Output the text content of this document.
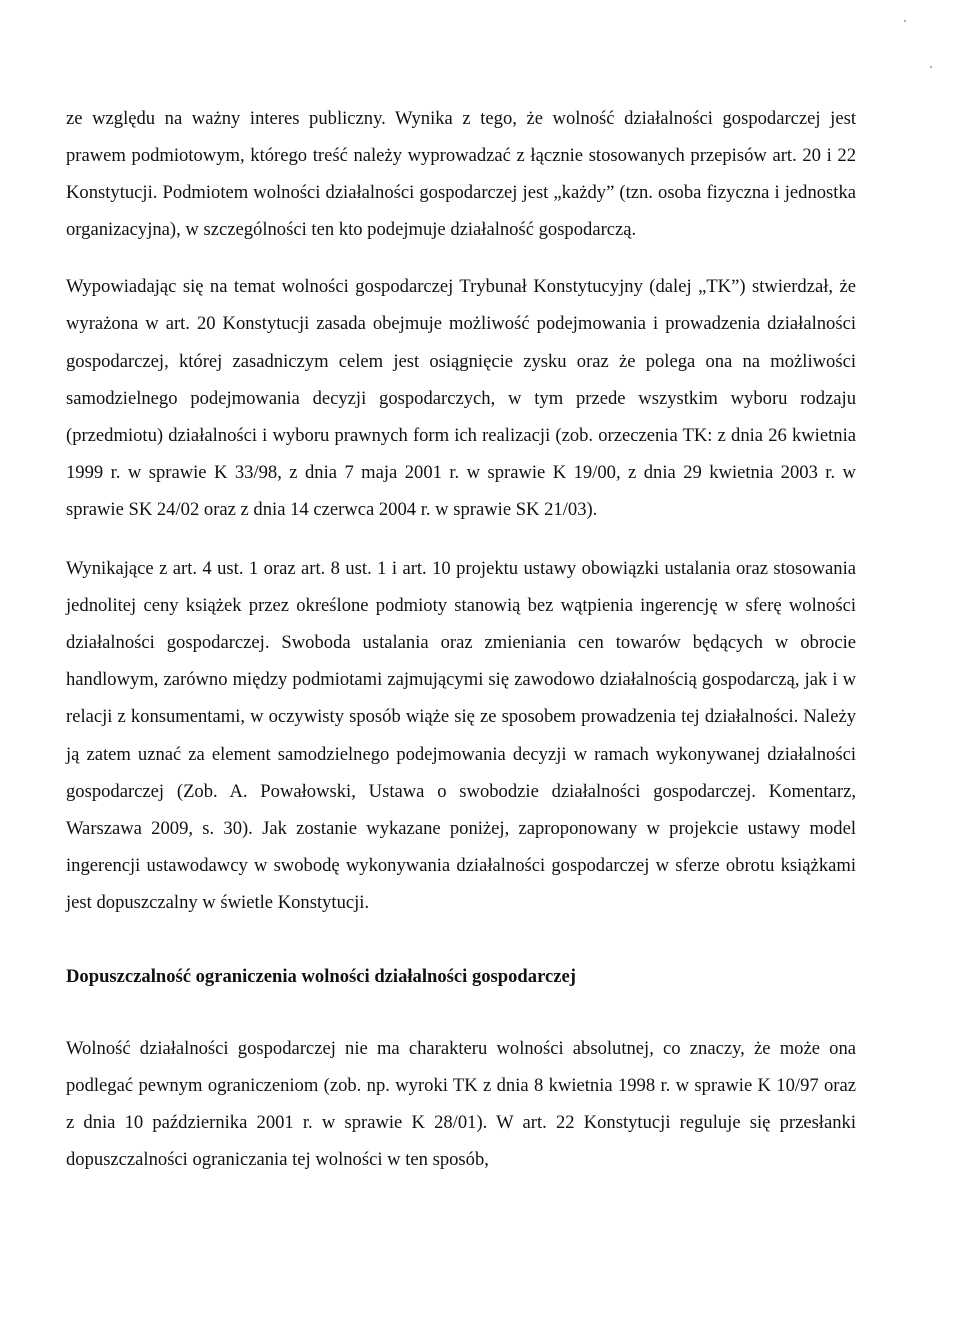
ze względu na ważny interes publiczny. Wynika z tego, że wolność działalności gospodarczej jest prawem podmiotowym, którego treść należy wyprowadzać z łącznie stosowanych przepisów art. 20 i 22 Konstytucji. Podmiotem wolności działalności gospodarczej jest „każdy” (tzn. osoba fizyczna i jednostka organizacyjna), w szczególności ten kto podejmuje działalność gospodarczą.

Wypowiadając się na temat wolności gospodarczej Trybunał Konstytucyjny (dalej „TK”) stwierdzał, że wyrażona w art. 20 Konstytucji zasada obejmuje możliwość podejmowania i prowadzenia działalności gospodarczej, której zasadniczym celem jest osiągnięcie zysku oraz że polega ona na możliwości samodzielnego podejmowania decyzji gospodarczych, w tym przede wszystkim wyboru rodzaju (przedmiotu) działalności i wyboru prawnych form ich realizacji (zob. orzeczenia TK: z dnia 26 kwietnia 1999 r. w sprawie K 33/98, z dnia 7 maja 2001 r. w sprawie K 19/00, z dnia 29 kwietnia 2003 r. w sprawie SK 24/02 oraz z dnia 14 czerwca 2004 r. w sprawie SK 21/03).

Wynikające z art. 4 ust. 1 oraz art. 8 ust. 1 i art. 10 projektu ustawy obowiązki ustalania oraz stosowania jednolitej ceny książek przez określone podmioty stanowią bez wątpienia ingerencję w sferę wolności działalności gospodarczej. Swoboda ustalania oraz zmieniania cen towarów będących w obrocie handlowym, zarówno między podmiotami zajmującymi się zawodowo działalnością gospodarczą, jak i w relacji z konsumentami, w oczywisty sposób wiąże się ze sposobem prowadzenia tej działalności. Należy ją zatem uznać za element samodzielnego podejmowania decyzji w ramach wykonywanej działalności gospodarczej (Zob. A. Powałowski, Ustawa o swobodzie działalności gospodarczej. Komentarz, Warszawa 2009, s. 30). Jak zostanie wykazane poniżej, zaproponowany w projekcie ustawy model ingerencji ustawodawcy w swobodę wykonywania działalności gospodarczej w sferze obrotu książkami jest dopuszczalny w świetle Konstytucji.

Dopuszczalność ograniczenia wolności działalności gospodarczej

Wolność działalności gospodarczej nie ma charakteru wolności absolutnej, co znaczy, że może ona podlegać pewnym ograniczeniom (zob. np. wyroki TK z dnia 8 kwietnia 1998 r. w sprawie K 10/97 oraz z dnia 10 października 2001 r. w sprawie K 28/01). W art. 22 Konstytucji reguluje się przesłanki dopuszczalności ograniczania tej wolności w ten sposób,
